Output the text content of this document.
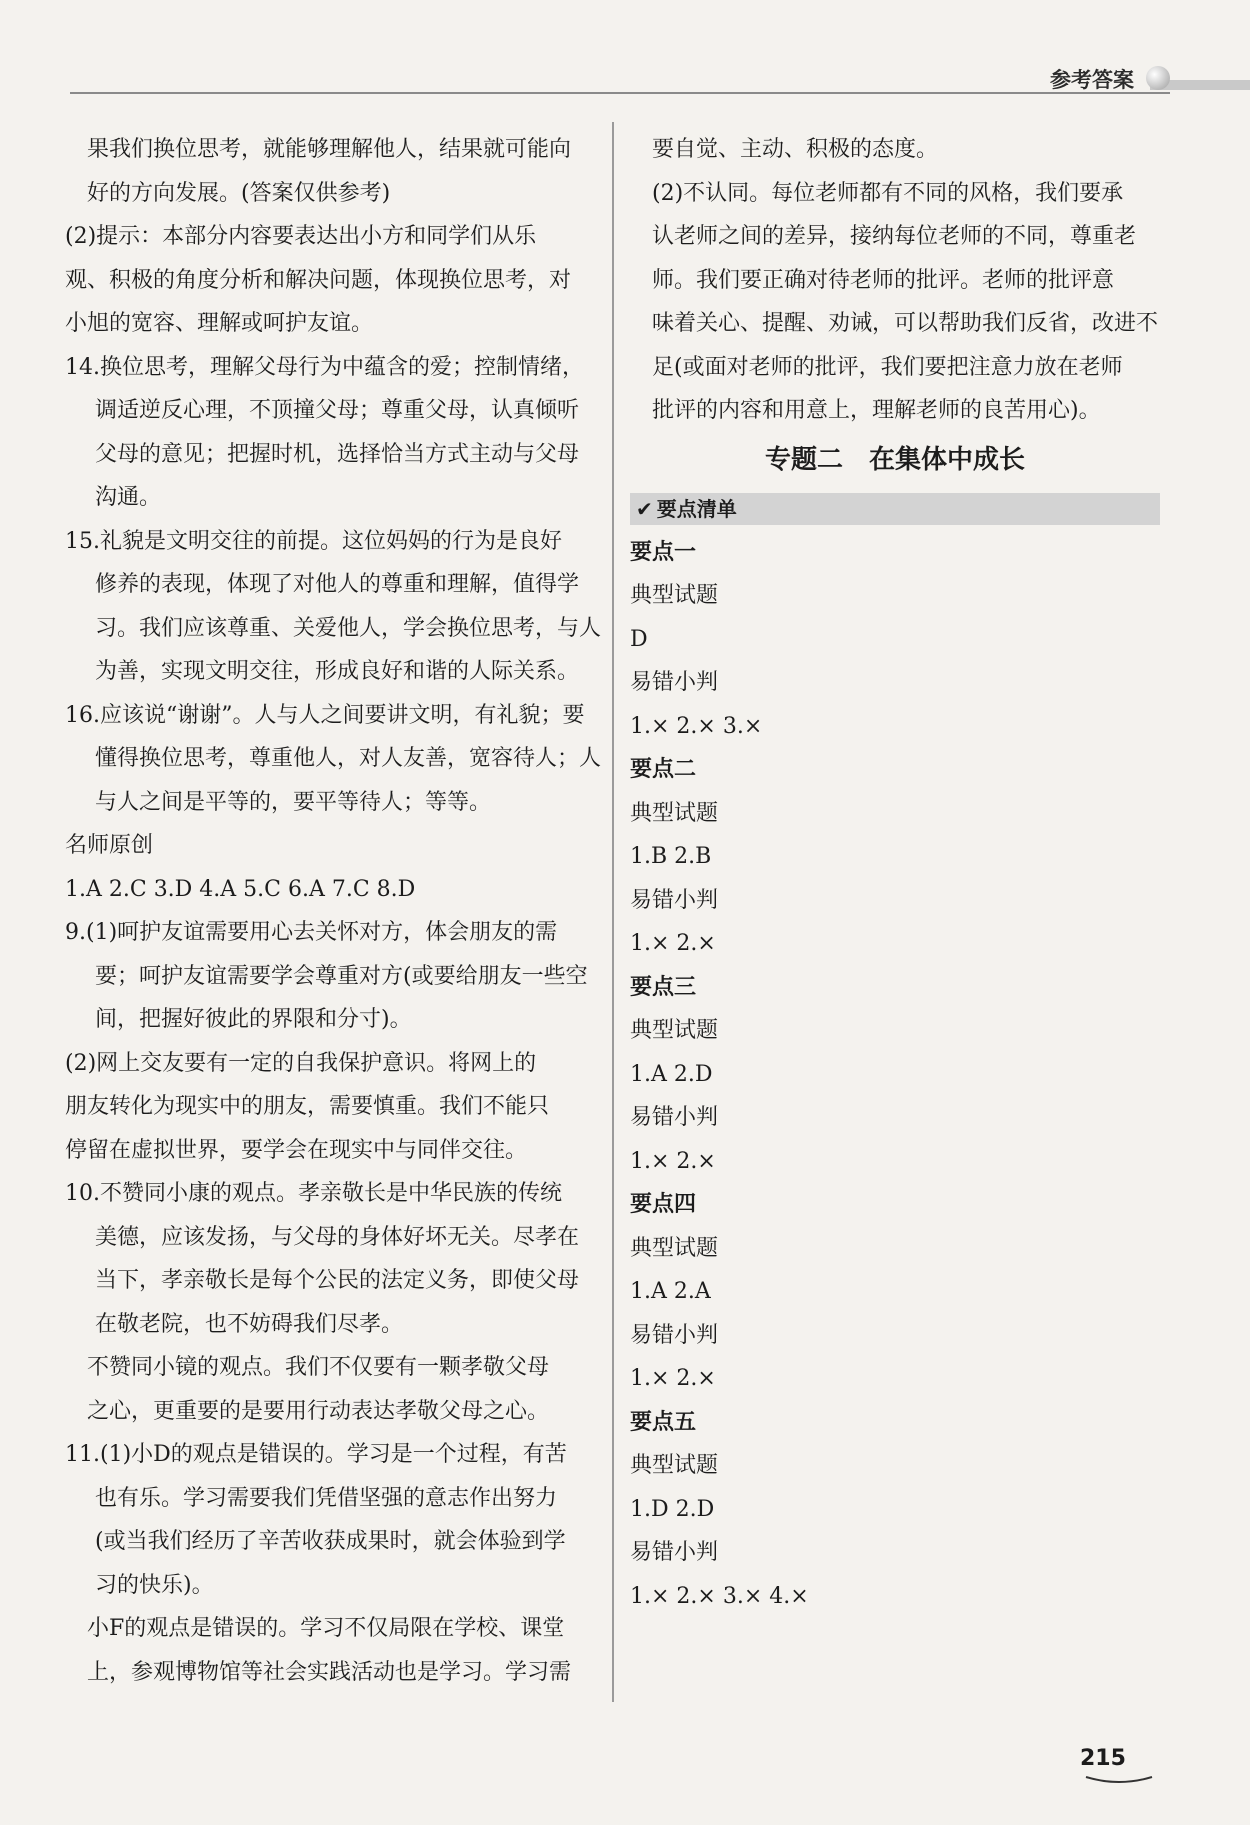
参考答案
果我们换位思考，就能够理解他人，结果就可能向
好的方向发展。(答案仅供参考)
(2)提示：本部分内容要表达出小方和同学们从乐
观、积极的角度分析和解决问题，体现换位思考，对
小旭的宽容、理解或呵护友谊。
14.换位思考，理解父母行为中蕴含的爱；控制情绪，
调适逆反心理，不顶撞父母；尊重父母，认真倾听
父母的意见；把握时机，选择恰当方式主动与父母
沟通。
15.礼貌是文明交往的前提。这位妈妈的行为是良好
修养的表现，体现了对他人的尊重和理解，值得学
习。我们应该尊重、关爱他人，学会换位思考，与人
为善，实现文明交往，形成良好和谐的人际关系。
16.应该说“谢谢”。人与人之间要讲文明，有礼貌；要
懂得换位思考，尊重他人，对人友善，宽容待人；人
与人之间是平等的，要平等待人；等等。
名师原创
1.A 2.C 3.D 4.A 5.C 6.A 7.C 8.D
9.(1)呵护友谊需要用心去关怀对方，体会朋友的需
要；呵护友谊需要学会尊重对方(或要给朋友一些空
间，把握好彼此的界限和分寸)。
(2)网上交友要有一定的自我保护意识。将网上的
朋友转化为现实中的朋友，需要慎重。我们不能只
停留在虚拟世界，要学会在现实中与同伴交往。
10.不赞同小康的观点。孝亲敬长是中华民族的传统
美德，应该发扬，与父母的身体好坏无关。尽孝在
当下，孝亲敬长是每个公民的法定义务，即使父母
在敬老院，也不妨碍我们尽孝。
不赞同小镜的观点。我们不仅要有一颗孝敬父母
之心，更重要的是要用行动表达孝敬父母之心。
11.(1)小D的观点是错误的。学习是一个过程，有苦
也有乐。学习需要我们凭借坚强的意志作出努力
(或当我们经历了辛苦收获成果时，就会体验到学
习的快乐)。
小F的观点是错误的。学习不仅局限在学校、课堂
上，参观博物馆等社会实践活动也是学习。学习需
要自觉、主动、积极的态度。
(2)不认同。每位老师都有不同的风格，我们要承
认老师之间的差异，接纳每位老师的不同，尊重老
师。我们要正确对待老师的批评。老师的批评意
味着关心、提醒、劝诫，可以帮助我们反省，改进不
足(或面对老师的批评，我们要把注意力放在老师
批评的内容和用意上，理解老师的良苦用心)。
专题二　在集体中成长
✔ 要点清单
要点一
典型试题
D
易错小判
1.× 2.× 3.×
要点二
典型试题
1.B 2.B
易错小判
1.× 2.×
要点三
典型试题
1.A 2.D
易错小判
1.× 2.×
要点四
典型试题
1.A 2.A
易错小判
1.× 2.×
要点五
典型试题
1.D 2.D
易错小判
1.× 2.× 3.× 4.×
215
